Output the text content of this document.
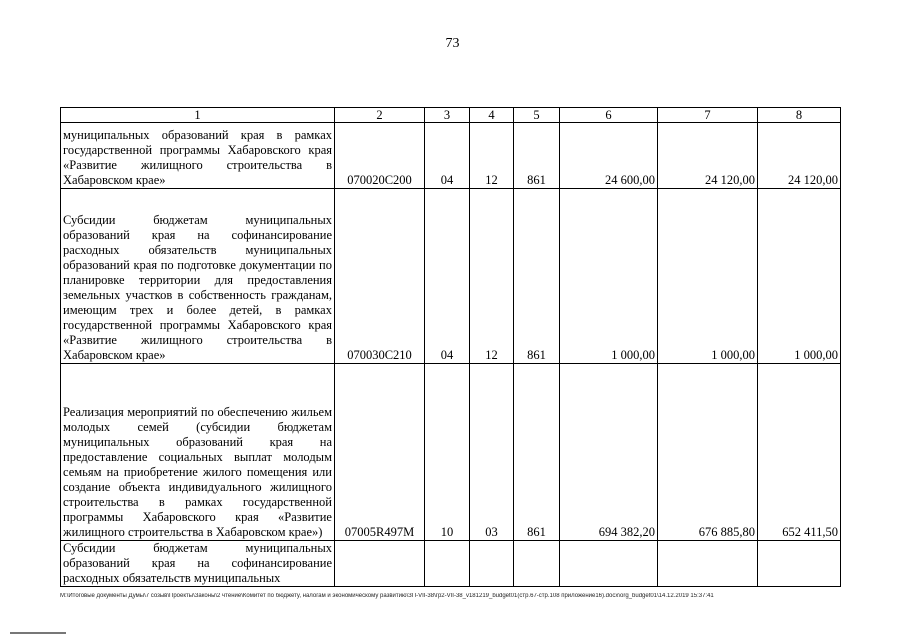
73
1	2	3	4	5	6	7	8
муниципальных образований края в рамках государственной программы Хабаровского края «Развитие жилищного строительства в Хабаровском крае»	070020C200	04	12	861	24 600,00	24 120,00	24 120,00
Субсидии бюджетам муниципальных образований края на софинансирование расходных обязательств муниципальных образований края по подготовке документации по планировке территории для предоставления земельных участков в собственность гражданам, имеющим трех и более детей, в рамках государственной программы Хабаровского края «Развитие жилищного строительства в Хабаровском крае»	070030C210	04	12	861	1 000,00	1 000,00	1 000,00
Реализация мероприятий по обеспечению жильем молодых семей (субсидии бюджетам муниципальных образований края на предоставление социальных выплат молодым семьям на приобретение жилого помещения или создание объекта индивидуального жилищного строительства в рамках государственной программы Хабаровского края «Развитие жилищного строительства в Хабаровском крае»)	07005R497M	10	03	861	694 382,20	676 885,80	652 411,50
Субсидии бюджетам муниципальных образований края на софинансирование расходных обязательств муниципальных							
M:\Итоговые документы Думы\7 созыв\Проекты\Законы\2 чтение\Комитет по бюджету, налогам и экономическому развитию\ЗП-VII-38\гр2-VII-38_v181219_budget01(стр.67-стр.108 приложение16).docx\org_budget01\14.12.2019 15:37:41
